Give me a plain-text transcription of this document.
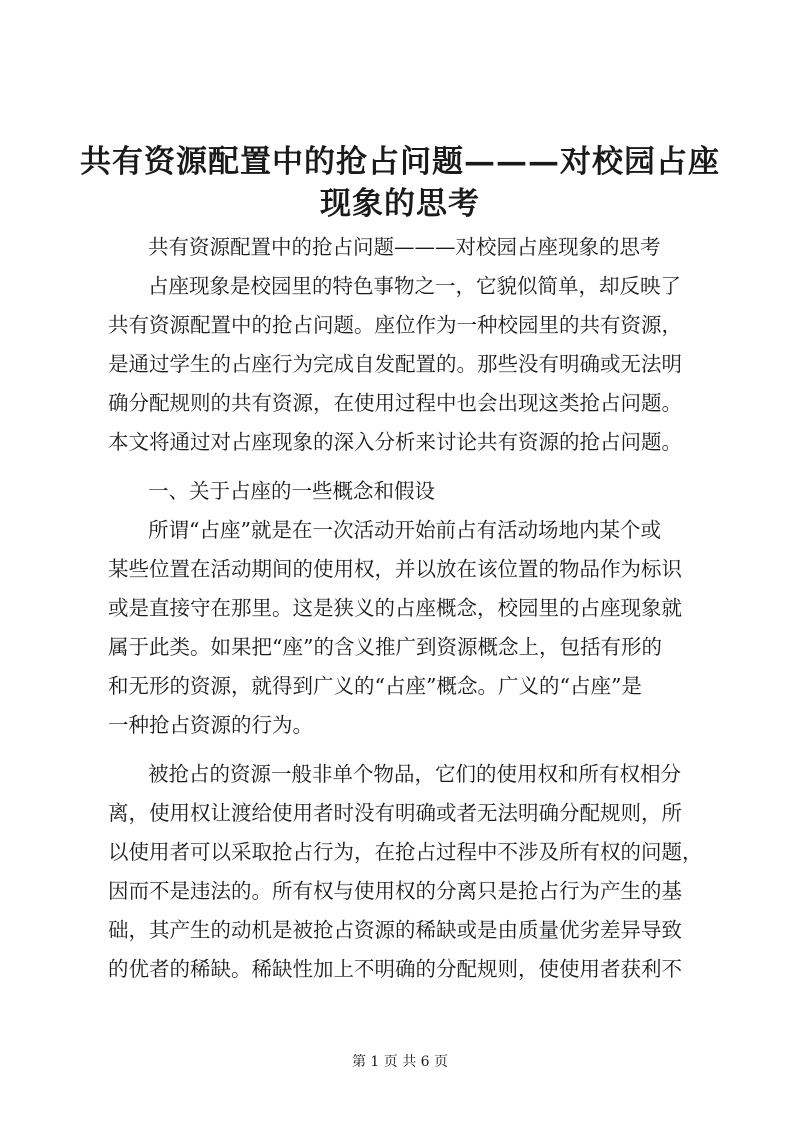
共有资源配置中的抢占问题———对校园占座
现象的思考
共有资源配置中的抢占问题———对校园占座现象的思考
占座现象是校园里的特色事物之一，它貌似简单，却反映了
共有资源配置中的抢占问题。座位作为一种校园里的共有资源，
是通过学生的占座行为完成自发配置的。那些没有明确或无法明
确分配规则的共有资源，在使用过程中也会出现这类抢占问题。
本文将通过对占座现象的深入分析来讨论共有资源的抢占问题。
一、关于占座的一些概念和假设
所谓“占座”就是在一次活动开始前占有活动场地内某个或
某些位置在活动期间的使用权，并以放在该位置的物品作为标识
或是直接守在那里。这是狭义的占座概念，校园里的占座现象就
属于此类。如果把“座”的含义推广到资源概念上，包括有形的
和无形的资源，就得到广义的“占座”概念。广义的“占座”是
一种抢占资源的行为。
被抢占的资源一般非单个物品，它们的使用权和所有权相分
离，使用权让渡给使用者时没有明确或者无法明确分配规则，所
以使用者可以采取抢占行为，在抢占过程中不涉及所有权的问题，
因而不是违法的。所有权与使用权的分离只是抢占行为产生的基
础，其产生的动机是被抢占资源的稀缺或是由质量优劣差异导致
的优者的稀缺。稀缺性加上不明确的分配规则，使使用者获利不
第 1 页 共 6 页
